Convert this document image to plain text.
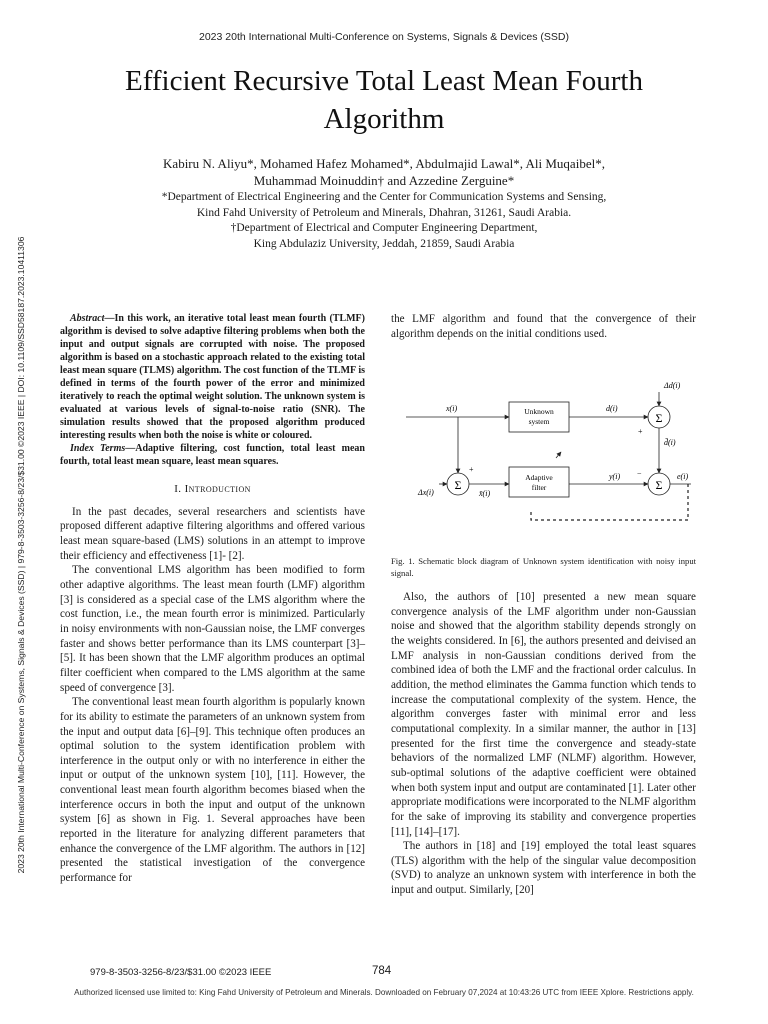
2023 20th International Multi-Conference on Systems, Signals & Devices (SSD)
Efficient Recursive Total Least Mean Fourth
Algorithm
Kabiru N. Aliyu*, Mohamed Hafez Mohamed*, Abdulmajid Lawal*, Ali Muqaibel*,
Muhammad Moinuddin† and Azzedine Zerguine*
*Department of Electrical Engineering and the Center for Communication Systems and Sensing,
Kind Fahd University of Petroleum and Minerals, Dhahran, 31261, Saudi Arabia.
†Department of Electrical and Computer Engineering Department,
King Abdulaziz University, Jeddah, 21859, Saudi Arabia
2023 20th International Multi-Conference on Systems, Signals & Devices (SSD) | 979-8-3503-3256-8/23/$31.00 ©2023 IEEE | DOI: 10.1109/SSD58187.2023.10411306	Abstract—In this work, an iterative total least mean fourth (TLMF) algorithm is devised to solve adaptive filtering problems when both the input and output signals are corrupted with noise. The proposed algorithm is based on a stochastic approach related to the existing total least mean square (TLMS) algorithm. The cost function of the TLMF is defined in terms of the fourth power of the error and minimized iteratively to reach the optimal weight solution. The unknown system is evaluated at various levels of signal-to-noise ratio (SNR). The simulation results showed that the proposed algorithm produced interesting results when both the noise is white or coloured.

Index Terms—Adaptive filtering, cost function, total least mean fourth, total least mean square, least mean squares.

I. Introduction

In the past decades, several researchers and scientists have proposed different adaptive filtering algorithms and offered various least mean square-based (LMS) solutions in an attempt to improve their efficiency and effectiveness [1]- [2].

The conventional LMS algorithm has been modified to form other adaptive algorithms. The least mean fourth (LMF) algorithm [3] is considered as a special case of the LMS algorithm where the cost function, i.e., the mean fourth error is minimized. Particularly in noisy environments with non-Gaussian noise, the LMF converges faster and shows better performance than its LMS counterpart [3]–[5]. It has been shown that the LMF algorithm produces an optimal filter coefficient when compared to the LMS algorithm at the same speed of convergence [3].

The conventional least mean fourth algorithm is popularly known for its ability to estimate the parameters of an unknown system from the input and output data [6]–[9]. This technique often produces an optimal solution to the system identification problem with interference in the output only or with no interference in either the input or output of the unknown system [10], [11]. However, the conventional least mean fourth algorithm becomes biased when the interference occurs in both the input and output of the unknown system [6] as shown in Fig. 1. Several approaches have been reported in the literature for analyzing different parameters that enhance the convergence of the LMF algorithm. The authors in [12] presented the statistical investigation of the convergence performance for

the LMF algorithm and found that the convergence of their algorithm depends on the initial conditions used.

Unknown
system
Adaptive
filter
Σ
Σ	Σ
x(i)
+
d(i)
Δd(i)
+
d̄(i)
Δx(i)	x̄(i)
y(i) −	e(i)
Fig. 1. Schematic block diagram of Unknown system identification with noisy input signal.

Also, the authors of [10] presented a new mean square convergence analysis of the LMF algorithm under non-Gaussian noise and showed that the algorithm stability depends strongly on the weights considered. In [6], the authors presented and deivised an LMF analysis in non-Gaussian conditions derived from the combined idea of both the LMF and the fractional order calculus. In addition, the method eliminates the Gamma function which tends to increase the computational complexity of the system. Hence, the algorithm converges faster with minimal error and less computational complexity. In a similar manner, the author in [13] presented for the first time the convergence and steady-state behaviors of the normalized LMF (NLMF) algorithm. However, sub-optimal solutions of the adaptive coefficient were obtained when both system input and output are contaminated [1]. Later other appropriate modifications were incorporated to the NLMF algorithm for the sake of improving its stability and convergence properties [11], [14]–[17].

The authors in [18] and [19] employed the total least squares (TLS) algorithm with the help of the singular value decomposition (SVD) to analyze an unknown system with interference in both the input and output. Similarly, [20]

979-8-3503-3256-8/23/$31.00 ©2023 IEEE	784
Authorized licensed use limited to: King Fahd University of Petroleum and Minerals. Downloaded on February 07,2024 at 10:43:26 UTC from IEEE Xplore. Restrictions apply.
